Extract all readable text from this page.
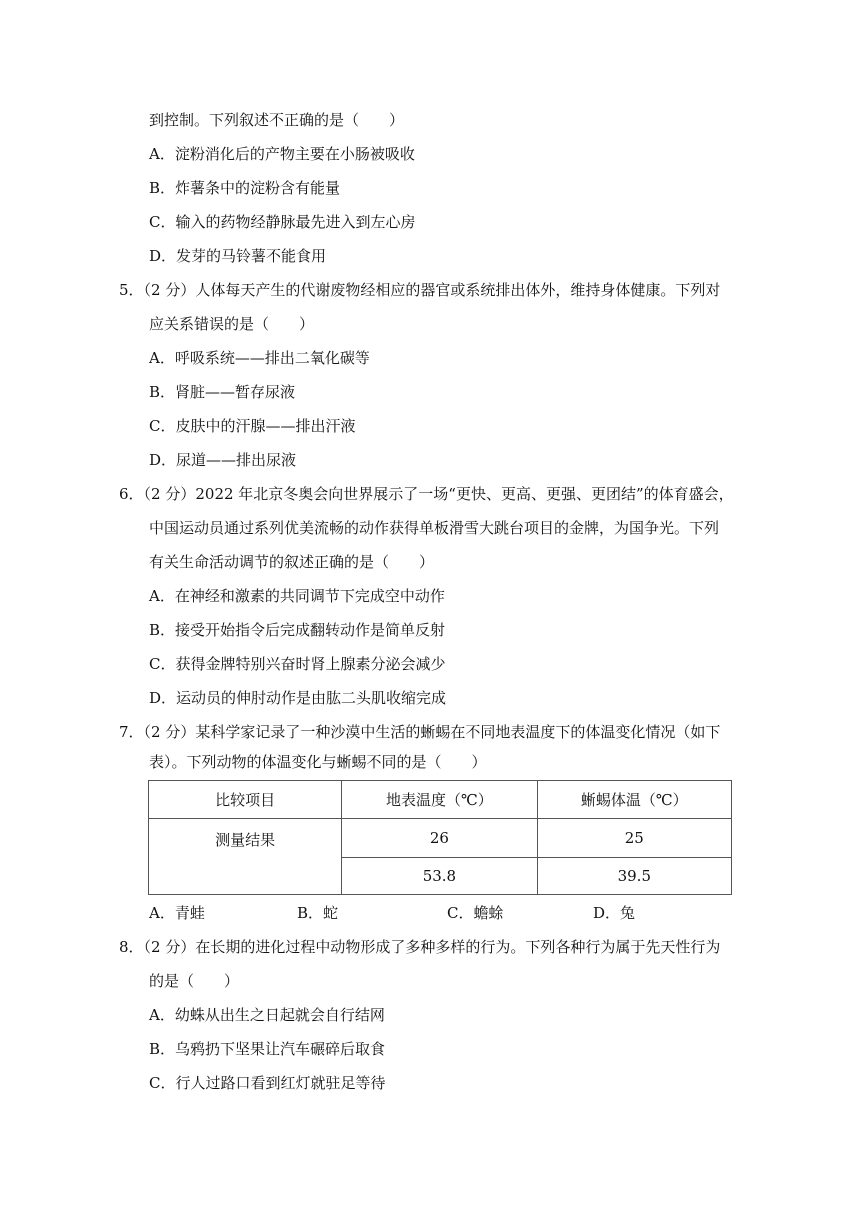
到控制。下列叙述不正确的是（　　）
A．淀粉消化后的产物主要在小肠被吸收
B．炸薯条中的淀粉含有能量
C．输入的药物经静脉最先进入到左心房
D．发芽的马铃薯不能食用
5．（2 分）人体每天产生的代谢废物经相应的器官或系统排出体外，维持身体健康。下列对
应关系错误的是（　　）
A．呼吸系统——排出二氧化碳等
B．肾脏——暂存尿液
C．皮肤中的汗腺——排出汗液
D．尿道——排出尿液
6．（2 分）2022 年北京冬奥会向世界展示了一场“更快、更高、更强、更团结”的体育盛会，
中国运动员通过系列优美流畅的动作获得单板滑雪大跳台项目的金牌，为国争光。下列
有关生命活动调节的叙述正确的是（　　）
A．在神经和激素的共同调节下完成空中动作
B．接受开始指令后完成翻转动作是简单反射
C．获得金牌特别兴奋时肾上腺素分泌会减少
D．运动员的伸肘动作是由肱二头肌收缩完成
7．（2 分）某科学家记录了一种沙漠中生活的蜥蜴在不同地表温度下的体温变化情况（如下
表）。下列动物的体温变化与蜥蜴不同的是（　　）
比较项目	地表温度（℃）	蜥蜴体温（℃）
测量结果	26	25
	53.8	39.5
A．青蛙	B．蛇	C．蟾蜍	D．兔
8．（2 分）在长期的进化过程中动物形成了多种多样的行为。下列各种行为属于先天性行为
的是（　　）
A．幼蛛从出生之日起就会自行结网
B．乌鸦扔下坚果让汽车碾碎后取食
C．行人过路口看到红灯就驻足等待
